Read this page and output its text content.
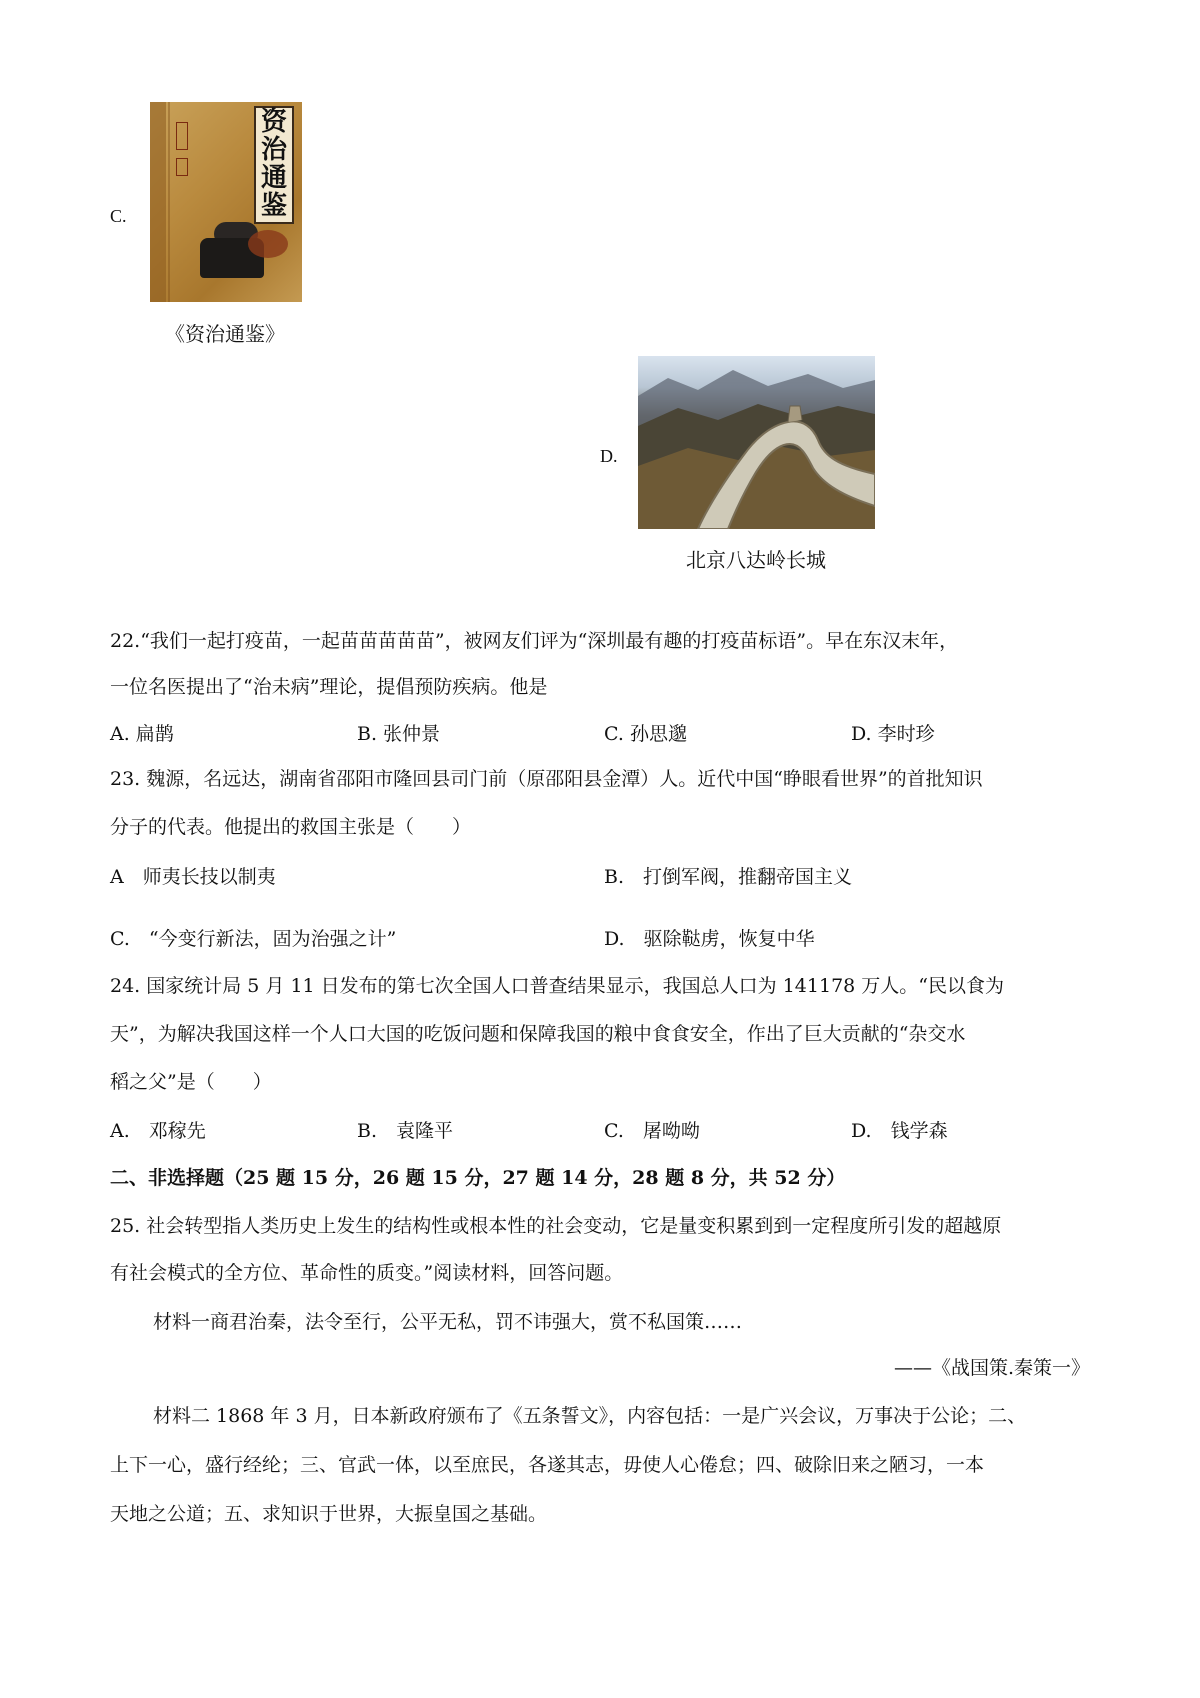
C.
资
治
通
鉴
《资治通鉴》
D.
北京八达岭长城
22.“我们一起打疫苗，一起苗苗苗苗苗”，被网友们评为“深圳最有趣的打疫苗标语”。早在东汉末年，
一位名医提出了“治未病”理论，提倡预防疾病。他是
A. 扁鹊	B. 张仲景	C. 孙思邈	D. 李时珍
23. 魏源，名远达，湖南省邵阳市隆回县司门前（原邵阳县金潭）人。近代中国“睁眼看世界”的首批知识
分子的代表。他提出的救国主张是（　　）
A　师夷长技以制夷	B.　打倒军阀，推翻帝国主义
C.　“今变行新法，固为治强之计”	D.　驱除鞑虏，恢复中华
24. 国家统计局 5 月 11 日发布的第七次全国人口普查结果显示，我国总人口为 141178 万人。“民以食为
天”，为解决我国这样一个人口大国的吃饭问题和保障我国的粮中食食安全，作出了巨大贡献的“杂交水
稻之父”是（　　）
A.　邓稼先	B.　袁隆平	C.　屠呦呦	D.　钱学森
二、非选择题（25 题 15 分，26 题 15 分，27 题 14 分，28 题 8 分，共 52 分）
25. 社会转型指人类历史上发生的结构性或根本性的社会变动，它是量变积累到到一定程度所引发的超越原
有社会模式的全方位、革命性的质变。”阅读材料，回答问题。
材料一商君治秦，法令至行，公平无私，罚不讳强大，赏不私国策……
——《战国策.秦策一》
材料二 1868 年 3 月，日本新政府颁布了《五条誓文》，内容包括：一是广兴会议，万事决于公论；二、
上下一心，盛行经纶；三、官武一体，以至庶民，各遂其志，毋使人心倦怠；四、破除旧来之陋习，一本
天地之公道；五、求知识于世界，大振皇国之基础。
